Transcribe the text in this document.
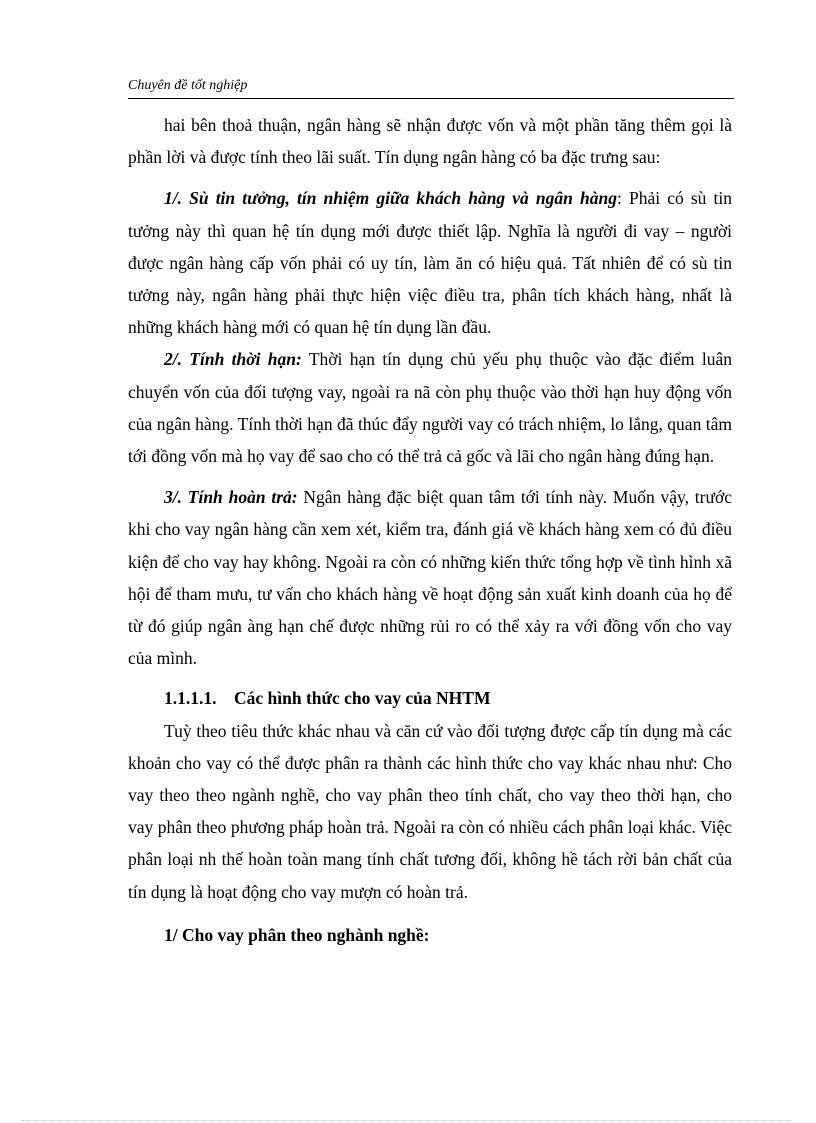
Chuyên đề tốt nghiệp

hai bên thoả thuận, ngân hàng sẽ nhận được vốn và một phần tăng thêm gọi là phần lời và được tính theo lãi suất. Tín dụng ngân hàng có ba đặc trưng sau:

1/. Sù tin tưởng, tín nhiệm giữa khách hàng và ngân hàng: Phải có sù tin tưởng này thì quan hệ tín dụng mới được thiết lập. Nghĩa là người đi vay – người được ngân hàng cấp vốn phải có uy tín, làm ăn có hiệu quả. Tất nhiên để có sù tin tưởng này, ngân hàng phải thực hiện việc điều tra, phân tích khách hàng, nhất là những khách hàng mới có quan hệ tín dụng lần đầu.

2/. Tính thời hạn: Thời hạn tín dụng chủ yếu phụ thuộc vào đặc điểm luân chuyển vốn của đối tượng vay, ngoài ra nã còn phụ thuộc vào thời hạn huy động vốn của ngân hàng. Tính thời hạn đã thúc đẩy người vay có trách nhiệm, lo lắng, quan tâm tới đồng vốn mà họ vay để sao cho có thể trả cả gốc và lãi cho ngân hàng đúng hạn.

3/. Tính hoàn trả: Ngân hàng đặc biệt quan tâm tới tính này. Muốn vậy, trước khi cho vay ngân hàng cần xem xét, kiểm tra, đánh giá về khách hàng xem có đủ điều kiện để cho vay hay không. Ngoài ra còn có những kiến thức tổng hợp về tình hình xã hội để tham mưu, tư vấn cho khách hàng về hoạt động sản xuất kinh doanh của họ để từ đó giúp ngân àng hạn chế được những rủi ro có thể xảy ra với đồng vốn cho vay của mình.

1.1.1.1. Các hình thức cho vay của NHTM

Tuỳ theo tiêu thức khác nhau và căn cứ vào đối tượng được cấp tín dụng mà các khoản cho vay có thể được phân ra thành các hình thức cho vay khác nhau như: Cho vay theo theo ngành nghề, cho vay phân theo tính chất, cho vay theo thời hạn, cho vay phân theo phương pháp hoàn trả. Ngoài ra còn có nhiều cách phân loại khác. Việc phân loại nh thế hoàn toàn mang tính chất tương đối, không hề tách rời bản chất của tín dụng là hoạt động cho vay mượn có hoàn trả.

1/ Cho vay phân theo nghành nghề:
